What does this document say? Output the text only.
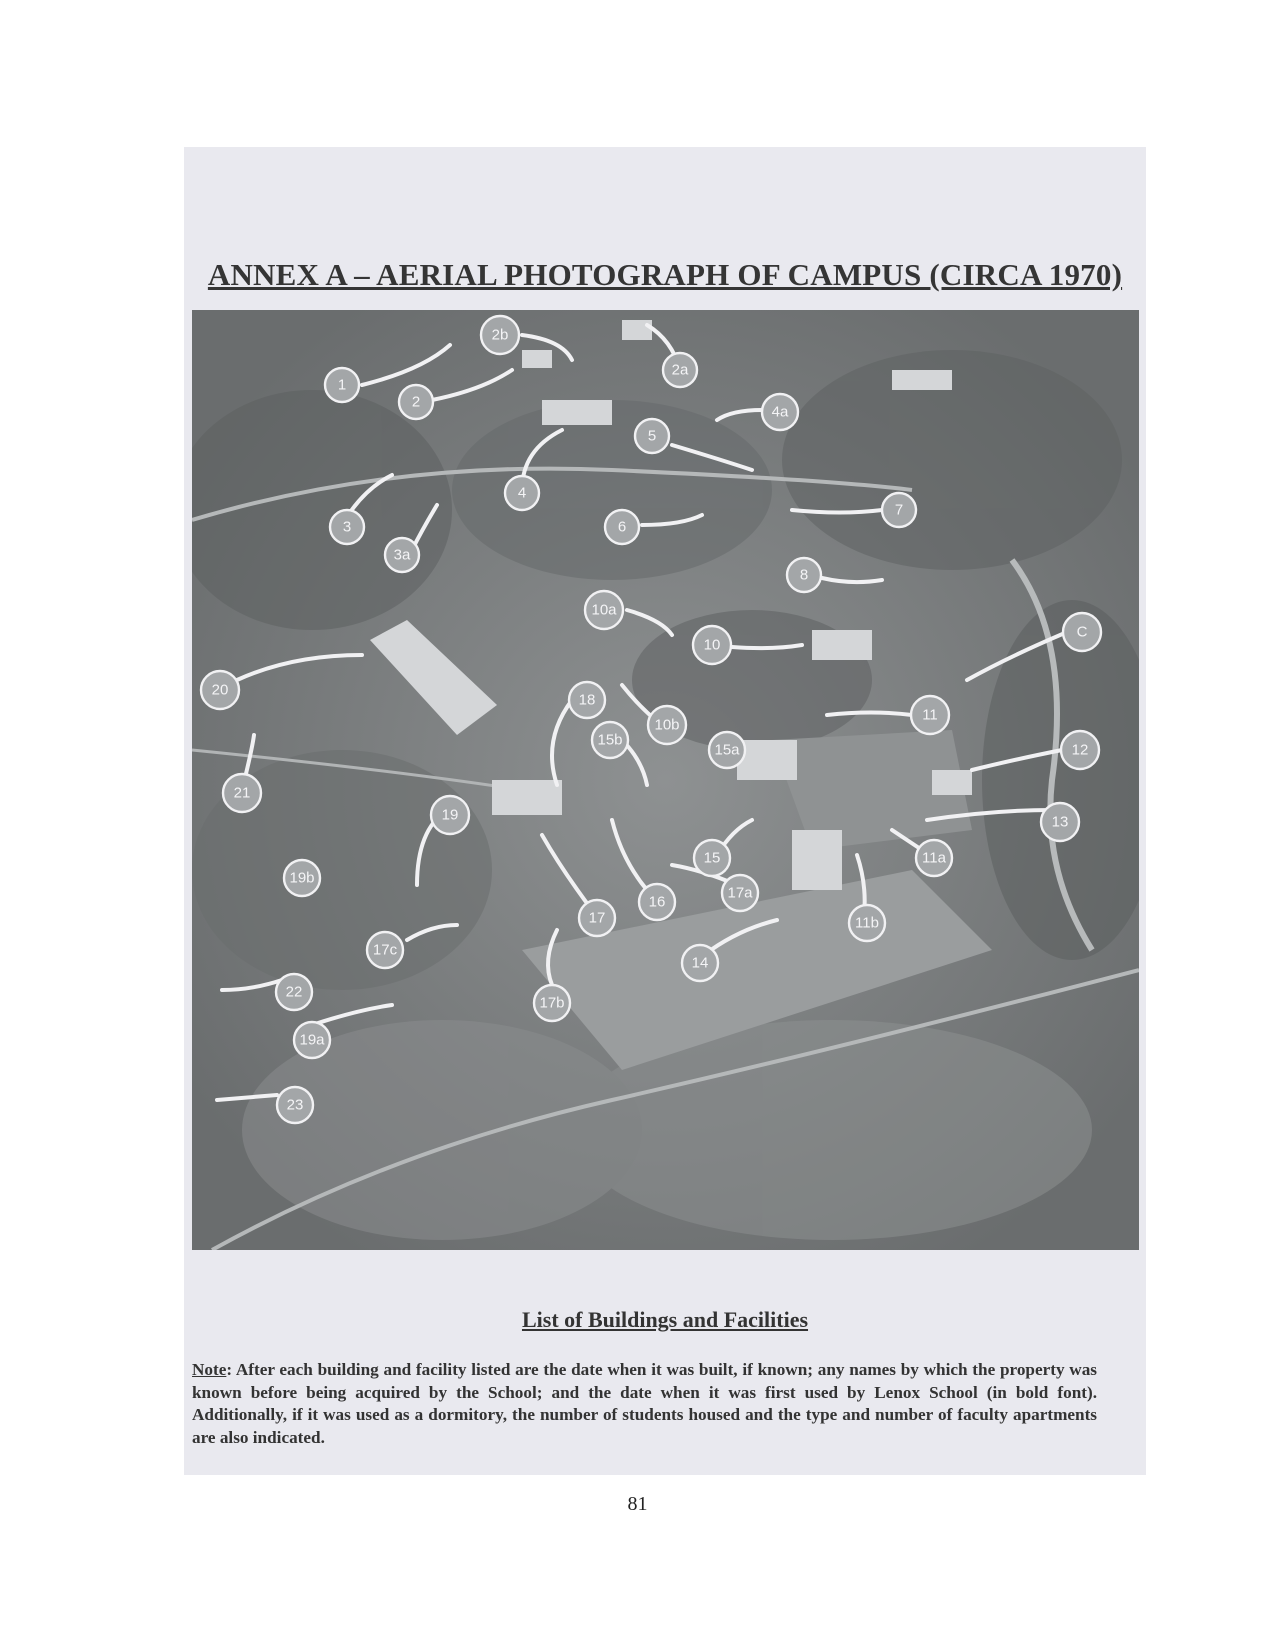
ANNEX A – AERIAL PHOTOGRAPH OF CAMPUS (CIRCA 1970)
1
2
2b
2a
4a
5
4
3
3a
6
7
8
C
10a
10
20
11
18
10b
15b
15a	12
21
19	13
11a
15
19b
17a
16
17	11b
17c
14
22
17b
19a
23
List of Buildings and Facilities
Note: After each building and facility listed are the date when it was built, if known; any names by which the property was known before being acquired by the School; and the date when it was first used by Lenox School (in bold font). Additionally, if it was used as a dormitory, the number of students housed and the type and number of faculty apartments are also indicated.
81
